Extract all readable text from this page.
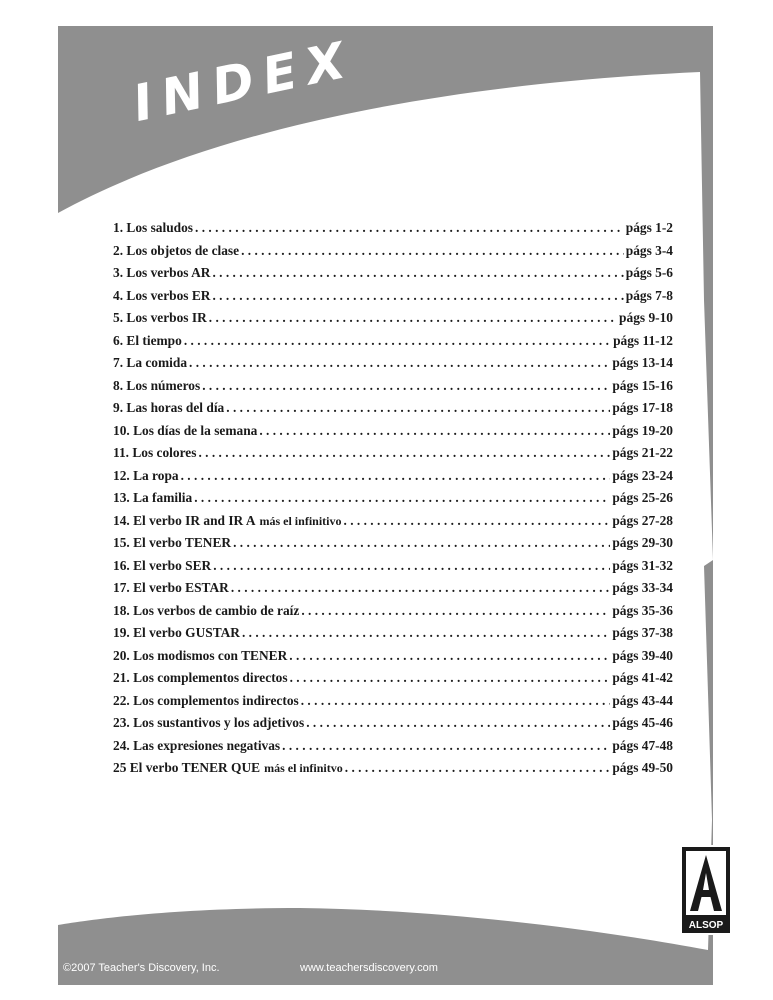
INDEX
1. Los saludos . . .	págs 1-2
2. Los objetos de clase . . .	págs 3-4
3. Los verbos AR . . .	págs 5-6
4. Los verbos ER . . .	págs 7-8
5. Los verbos IR . . .	págs 9-10
6. El tiempo . . .	págs 11-12
7. La comida . . .	págs 13-14
8. Los números . . .	págs 15-16
9. Las horas del día . . .	págs 17-18
10. Los días de la semana . . .	págs 19-20
11. Los colores . . .	págs 21-22
12. La ropa . . .	págs 23-24
13. La familia . . .	págs 25-26
14. El verbo IR and IR A más el infinitivo . . .	págs 27-28
15. El verbo TENER . . .	págs 29-30
16. El verbo SER . . .	págs 31-32
17. El verbo ESTAR . . .	págs 33-34
18. Los verbos de cambio de raíz . . .	págs 35-36
19. El verbo GUSTAR . . .	págs 37-38
20. Los modismos con TENER . . .	págs 39-40
21. Los complementos directos . . .	págs 41-42
22. Los complementos indirectos . . .	págs 43-44
23. Los sustantivos y los adjetivos . . .	págs 45-46
24. Las expresiones negativas . . .	págs 47-48
25 El verbo TENER QUE más el infinitvo . . .	págs 49-50
ALSOP
©2007 Teacher's Discovery, Inc.	www.teachersdiscovery.com
